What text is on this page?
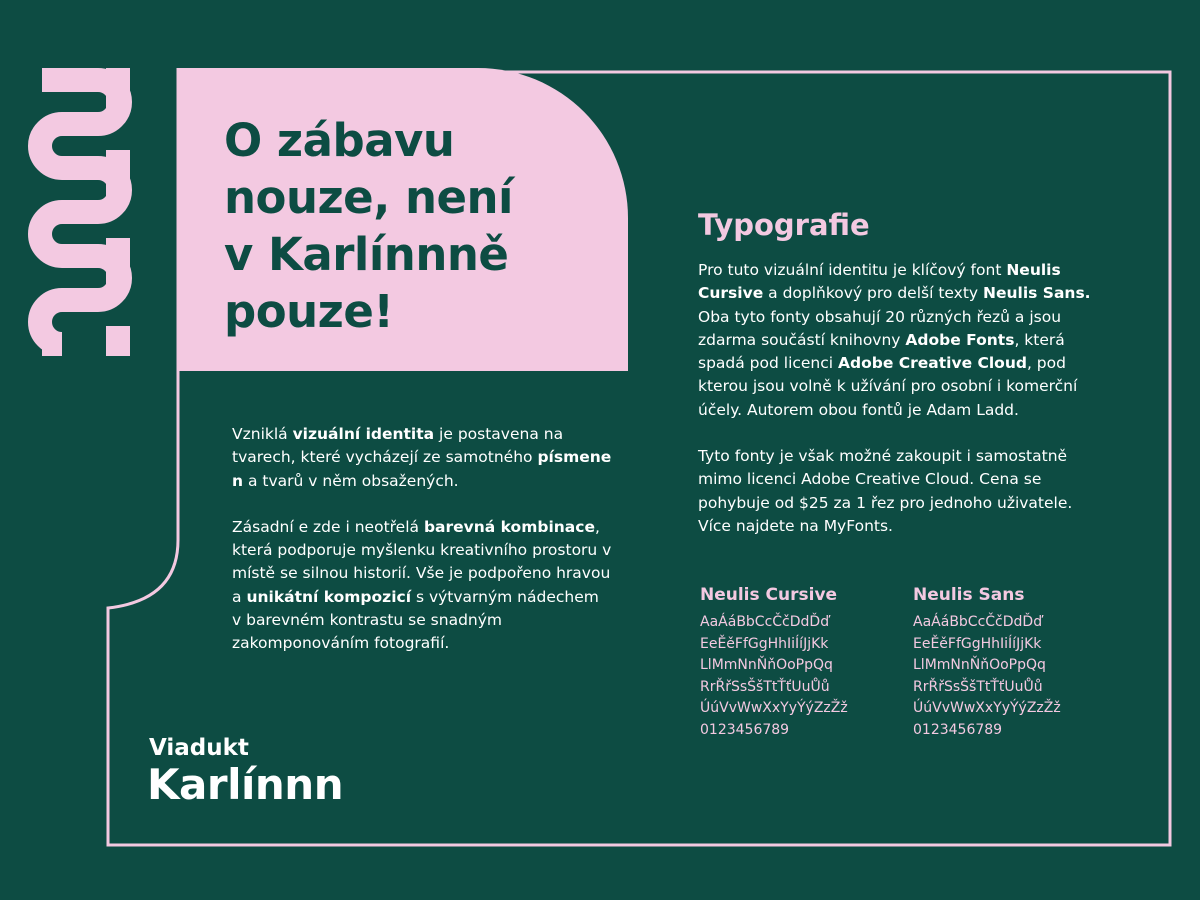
O zábavu
nouze, není
v Karlínnně
pouze!

Vzniklá vizuální identita je postavena na tvarech, které vycházejí ze samotného písmene n a tvarů v něm obsažených.

Zásadní e zde i neotřelá barevná kombinace, která podporuje myšlenku kreativního prostoru v místě se silnou historií. Vše je podpořeno hravou a unikátní kompozicí s výtvarným nádechem v barevném kontrastu se snadným zakomponováním fotografií.

Viadukt
Karlínnn
Typografie

Pro tuto vizuální identitu je klíčový font Neulis Cursive a doplňkový pro delší texty Neulis Sans. Oba tyto fonty obsahují 20 různých řezů a jsou zdarma součástí knihovny Adobe Fonts, která spadá pod licenci Adobe Creative Cloud, pod kterou jsou volně k užívání pro osobní i komerční účely. Autorem obou fontů je Adam Ladd.

Tyto fonty je však možné zakoupit i samostatně mimo licenci Adobe Creative Cloud. Cena se pohybuje od $25 za 1 řez pro jednoho uživatele. Více najdete na MyFonts.

Neulis Cursive
AaÁáBbCcČčDdĎď
EeĚěFfGgHhIiÍíJjKk
LlMmNnŇňOoPpQq
RrŘřSsŠšTtŤťUuŮů
ÚúVvWwXxYyÝýZzŽž
0123456789
Neulis Sans
AaÁáBbCcČčDdĎď
EeĚěFfGgHhIiÍíJjKk
LlMmNnŇňOoPpQq
RrŘřSsŠšTtŤťUuŮů
ÚúVvWwXxYyÝýZzŽž
0123456789
